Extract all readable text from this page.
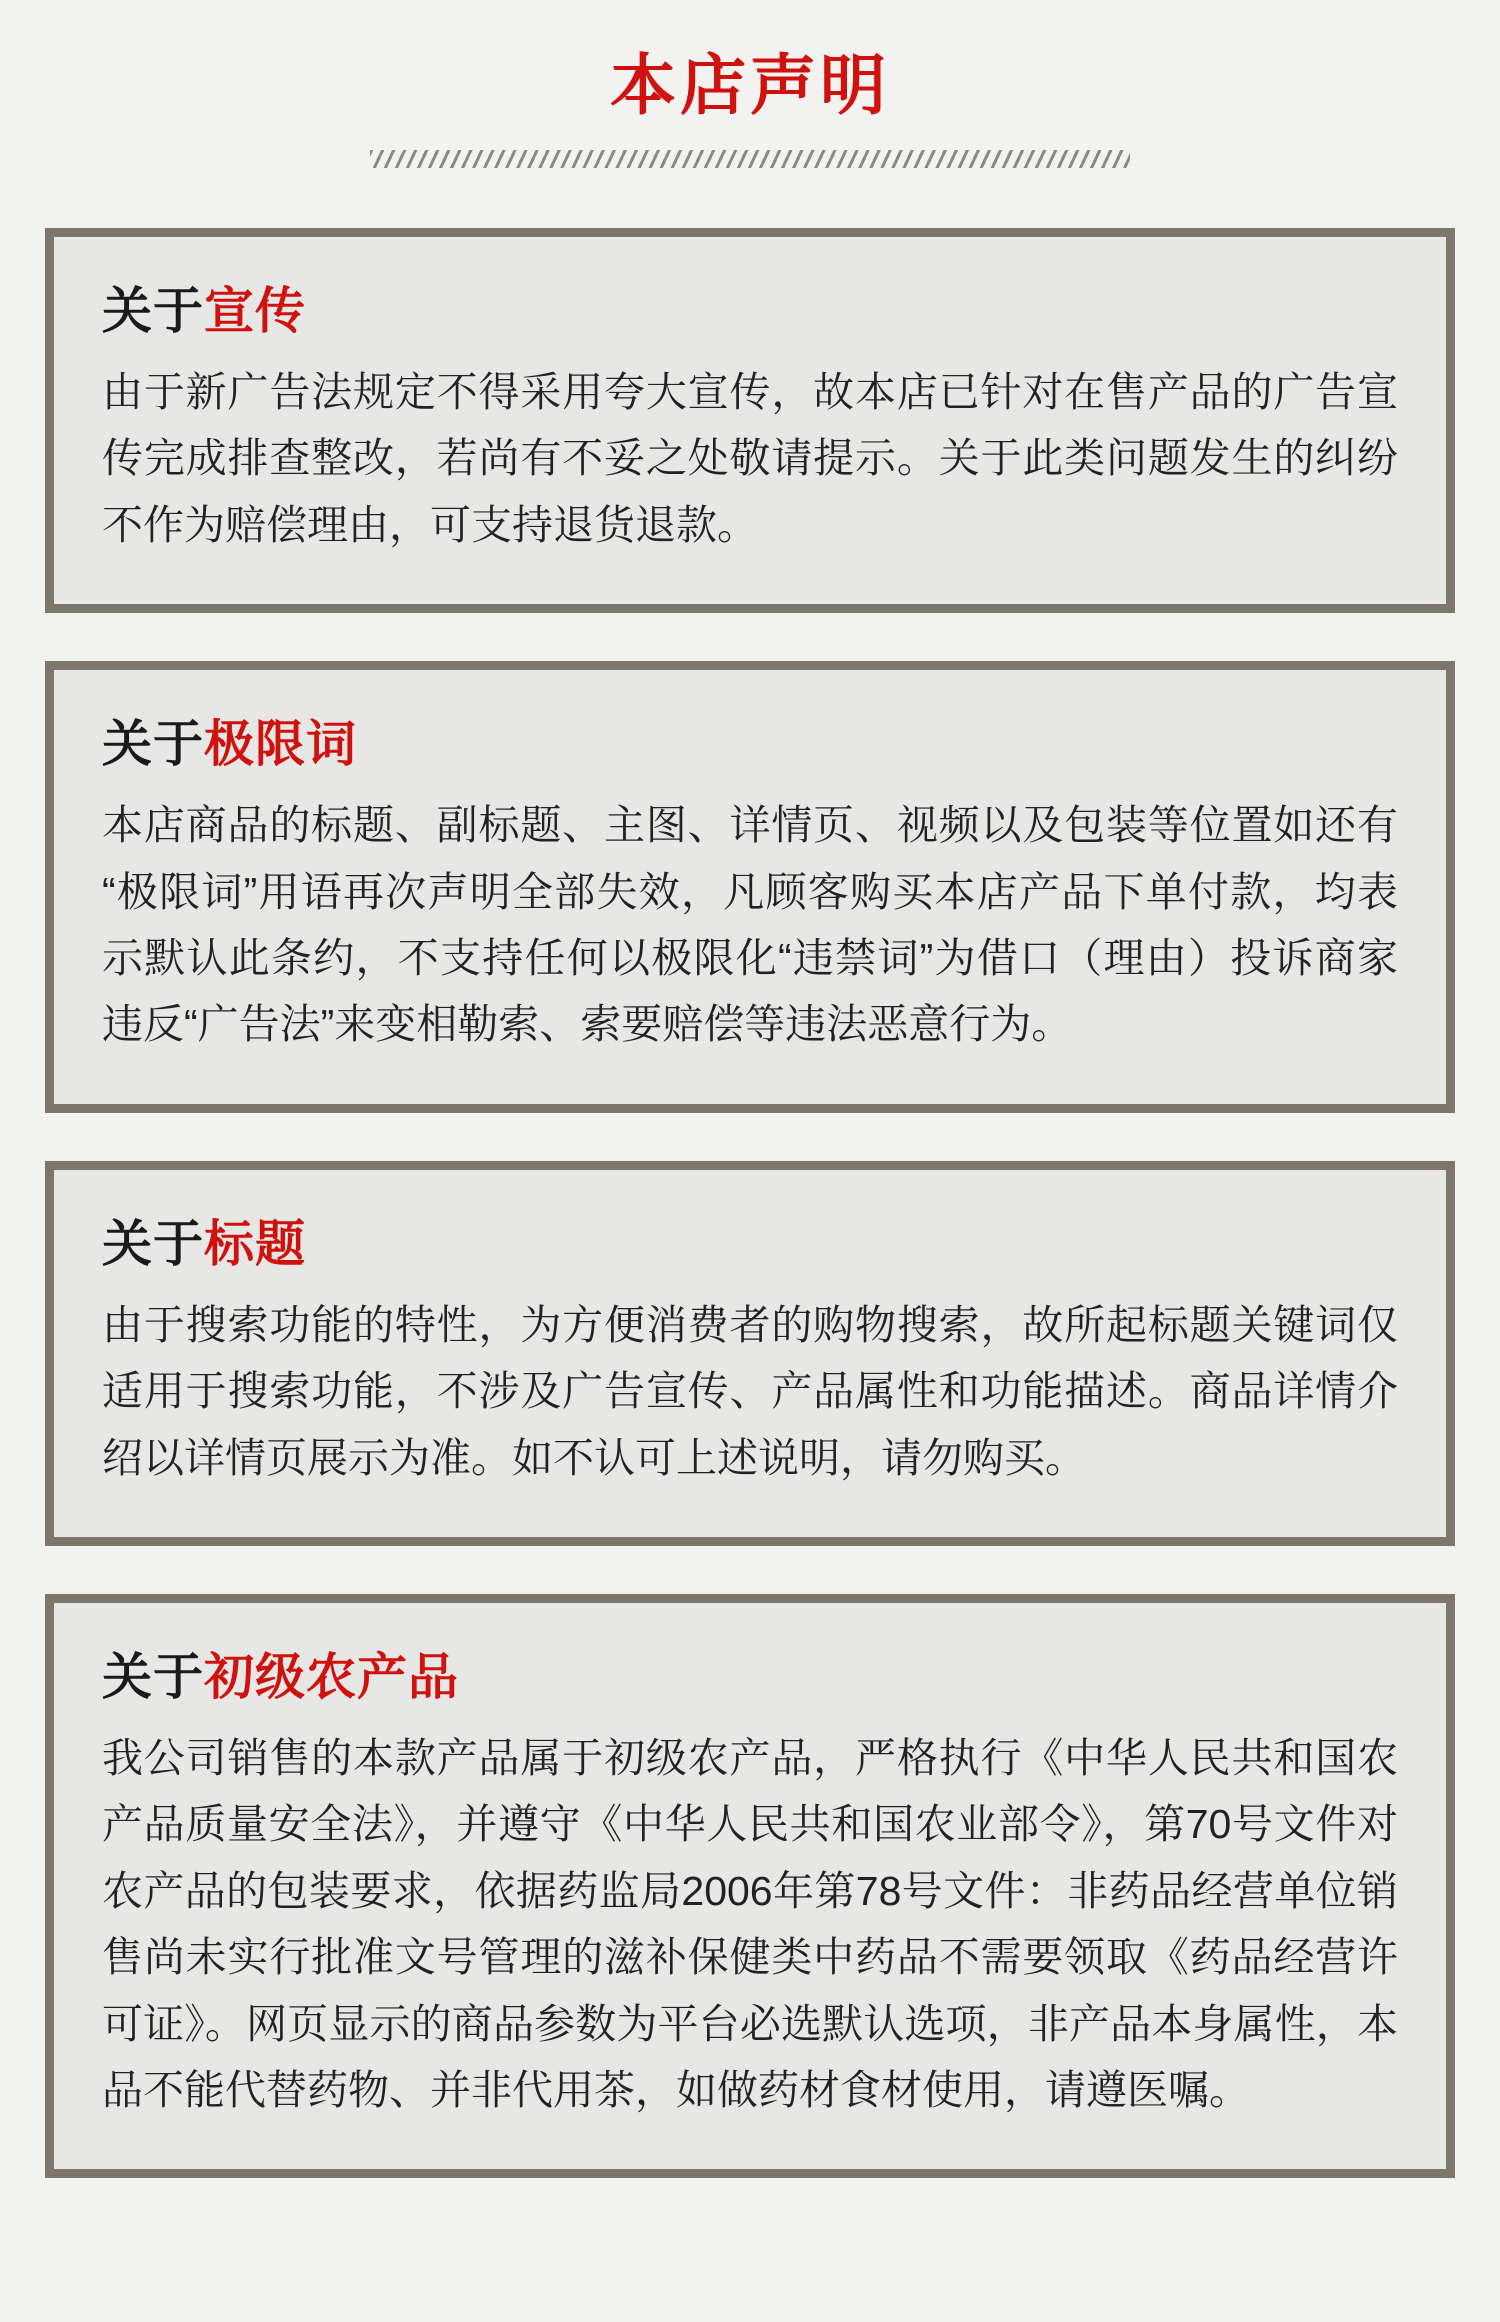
本店声明
关于宣传

由于新广告法规定不得采用夸大宣传，故本店已针对在售产品的广告宣传完成排查整改，若尚有不妥之处敬请提示。关于此类问题发生的纠纷不作为赔偿理由，可支持退货退款。

关于极限词

本店商品的标题、副标题、主图、详情页、视频以及包装等位置如还有“极限词”用语再次声明全部失效，凡顾客购买本店产品下单付款，均表示默认此条约，不支持任何以极限化“违禁词”为借口（理由）投诉商家违反“广告法”来变相勒索、索要赔偿等违法恶意行为。

关于标题

由于搜索功能的特性，为方便消费者的购物搜索，故所起标题关键词仅适用于搜索功能，不涉及广告宣传、产品属性和功能描述。商品详情介绍以详情页展示为准。如不认可上述说明，请勿购买。

关于初级农产品

我公司销售的本款产品属于初级农产品，严格执行《中华人民共和国农产品质量安全法》，并遵守《中华人民共和国农业部令》，第70号文件对农产品的包装要求，依据药监局2006年第78号文件：非药品经营单位销售尚未实行批准文号管理的滋补保健类中药品不需要领取《药品经营许可证》。网页显示的商品参数为平台必选默认选项，非产品本身属性，本品不能代替药物、并非代用茶，如做药材食材使用，请遵医嘱。
